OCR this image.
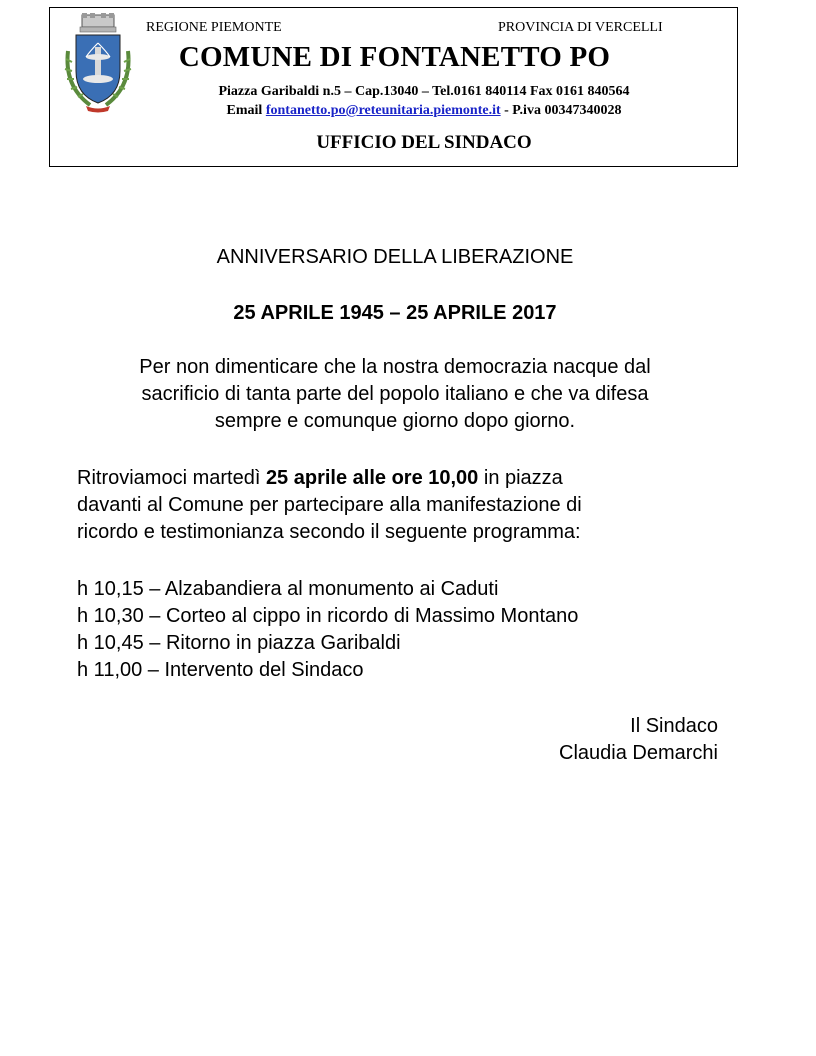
REGIONE PIEMONTE	PROVINCIA DI VERCELLI
COMUNE DI FONTANETTO PO
Piazza Garibaldi n.5 – Cap.13040 – Tel.0161 840114 Fax 0161 840564
Email fontanetto.po@reteunitaria.piemonte.it - P.iva 00347340028
UFFICIO DEL SINDACO
ANNIVERSARIO DELLA LIBERAZIONE
25 APRILE 1945 – 25 APRILE 2017
Per non dimenticare che la nostra democrazia nacque dal
sacrificio di tanta parte del popolo italiano e che va difesa
sempre e comunque giorno dopo giorno.
Ritroviamoci martedì 25 aprile alle ore 10,00 in piazza
davanti al Comune per partecipare alla manifestazione di
ricordo e testimonianza secondo il seguente programma:
h 10,15 – Alzabandiera al monumento ai Caduti
h 10,30 – Corteo al cippo in ricordo di Massimo Montano
h 10,45 – Ritorno in piazza Garibaldi
h 11,00 – Intervento del Sindaco
Il Sindaco
Claudia Demarchi
